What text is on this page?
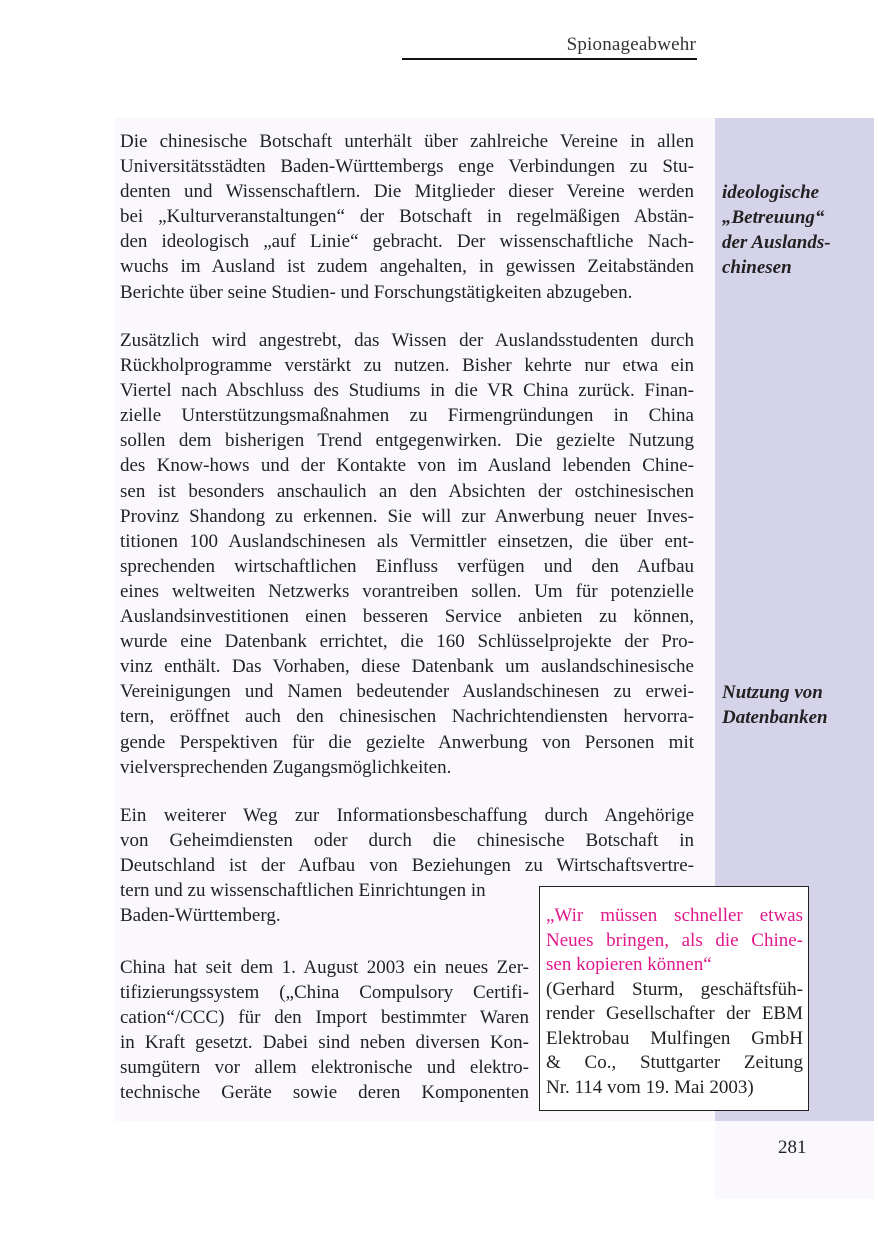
Spionageabwehr

Die chinesische Botschaft unterhält über zahlreiche Vereine in allen
Universitätsstädten Baden-Württembergs enge Verbindungen zu Stu-
denten und Wissenschaftlern. Die Mitglieder dieser Vereine werden
bei „Kulturveranstaltungen“ der Botschaft in regelmäßigen Abstän-
den ideologisch „auf Linie“ gebracht. Der wissenschaftliche Nach-
wuchs im Ausland ist zudem angehalten, in gewissen Zeitabständen
Berichte über seine Studien- und Forschungstätigkeiten abzugeben.

Zusätzlich wird angestrebt, das Wissen der Auslandsstudenten durch
Rückholprogramme verstärkt zu nutzen. Bisher kehrte nur etwa ein
Viertel nach Abschluss des Studiums in die VR China zurück. Finan-
zielle Unterstützungsmaßnahmen zu Firmengründungen in China
sollen dem bisherigen Trend entgegenwirken. Die gezielte Nutzung
des Know-hows und der Kontakte von im Ausland lebenden Chine-
sen ist besonders anschaulich an den Absichten der ostchinesischen
Provinz Shandong zu erkennen. Sie will zur Anwerbung neuer Inves-
titionen 100 Auslandschinesen als Vermittler einsetzen, die über ent-
sprechenden wirtschaftlichen Einfluss verfügen und den Aufbau
eines weltweiten Netzwerks vorantreiben sollen. Um für potenzielle
Auslandsinvestitionen einen besseren Service anbieten zu können,
wurde eine Datenbank errichtet, die 160 Schlüsselprojekte der Pro-
vinz enthält. Das Vorhaben, diese Datenbank um auslandschinesische
Vereinigungen und Namen bedeutender Auslandschinesen zu erwei-
tern, eröffnet auch den chinesischen Nachrichtendiensten hervorra-
gende Perspektiven für die gezielte Anwerbung von Personen mit
vielversprechenden Zugangsmöglichkeiten.

Ein weiterer Weg zur Informationsbeschaffung durch Angehörige
von Geheimdiensten oder durch die chinesische Botschaft in
Deutschland ist der Aufbau von Beziehungen zu Wirtschaftsvertre-
tern und zu wissenschaftlichen Einrichtungen in
Baden-Württemberg.

China hat seit dem 1. August 2003 ein neues Zer-
tifizierungssystem („China Compulsory Certifi-
cation“/CCC) für den Import bestimmter Waren
in Kraft gesetzt. Dabei sind neben diversen Kon-
sumgütern vor allem elektronische und elektro-
technische Geräte sowie deren Komponenten

ideologische
„Betreuung“
der Auslands-
chinesen
Nutzung von
Datenbanken
„Wir müssen schneller etwas
Neues bringen, als die Chine-
sen kopieren können“
(Gerhard Sturm, geschäftsfüh-
render Gesellschafter der EBM
Elektrobau Mulfingen GmbH
& Co., Stuttgarter Zeitung
Nr. 114 vom 19. Mai 2003)
281
